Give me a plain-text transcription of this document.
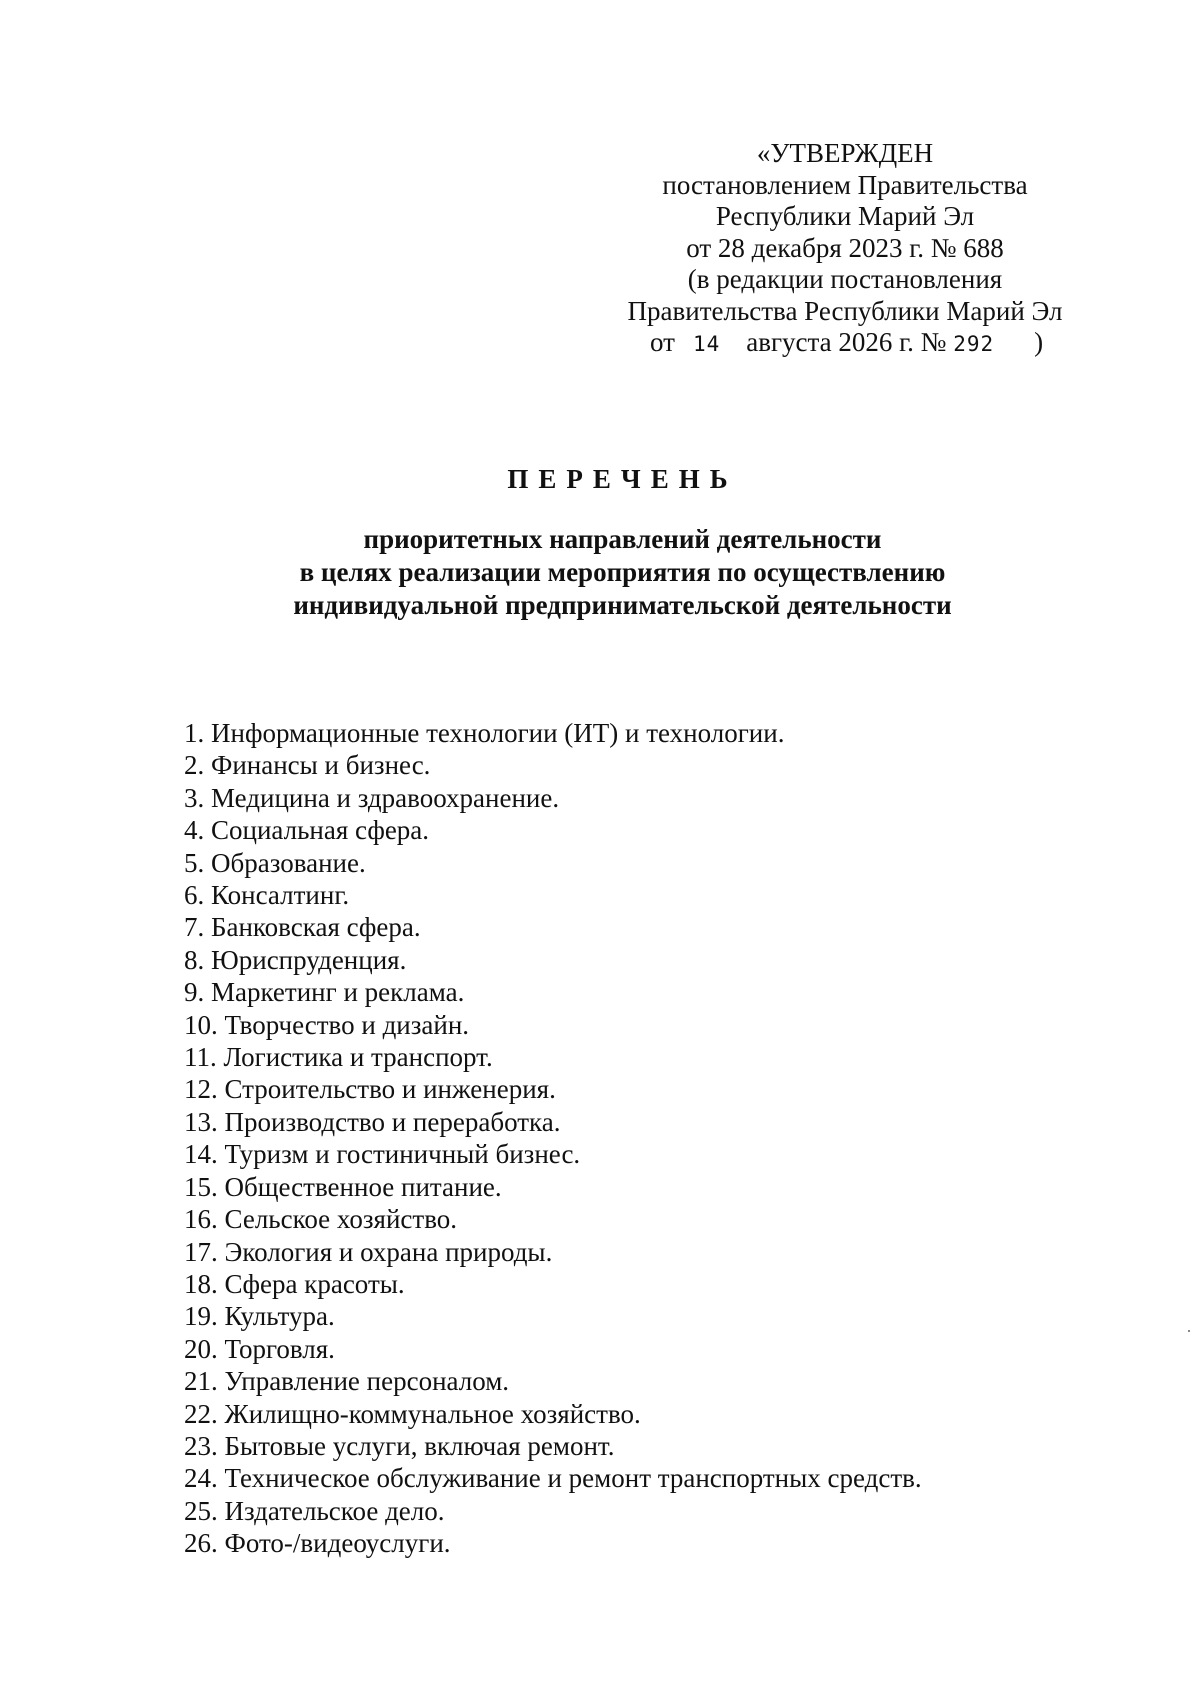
«УТВЕРЖДЕН
постановлением Правительства
Республики Марий Эл
от 28 декабря 2023 г. № 688
(в редакции постановления
Правительства Республики Марий Эл
от 14 августа 2026 г. № 292 )
ПЕРЕЧЕНЬ
приоритетных направлений деятельности
в целях реализации мероприятия по осуществлению
индивидуальной предпринимательской деятельности
1. Информационные технологии (ИТ) и технологии.
2. Финансы и бизнес.
3. Медицина и здравоохранение.
4. Социальная сфера.
5. Образование.
6. Консалтинг.
7. Банковская сфера.
8. Юриспруденция.
9. Маркетинг и реклама.
10. Творчество и дизайн.
11. Логистика и транспорт.
12. Строительство и инженерия.
13. Производство и переработка.
14. Туризм и гостиничный бизнес.
15. Общественное питание.
16. Сельское хозяйство.
17. Экология и охрана природы.
18. Сфера красоты.
19. Культура.
20. Торговля.
21. Управление персоналом.
22. Жилищно-коммунальное хозяйство.
23. Бытовые услуги, включая ремонт.
24. Техническое обслуживание и ремонт транспортных средств.
25. Издательское дело.
26. Фото-/видеоуслуги.
